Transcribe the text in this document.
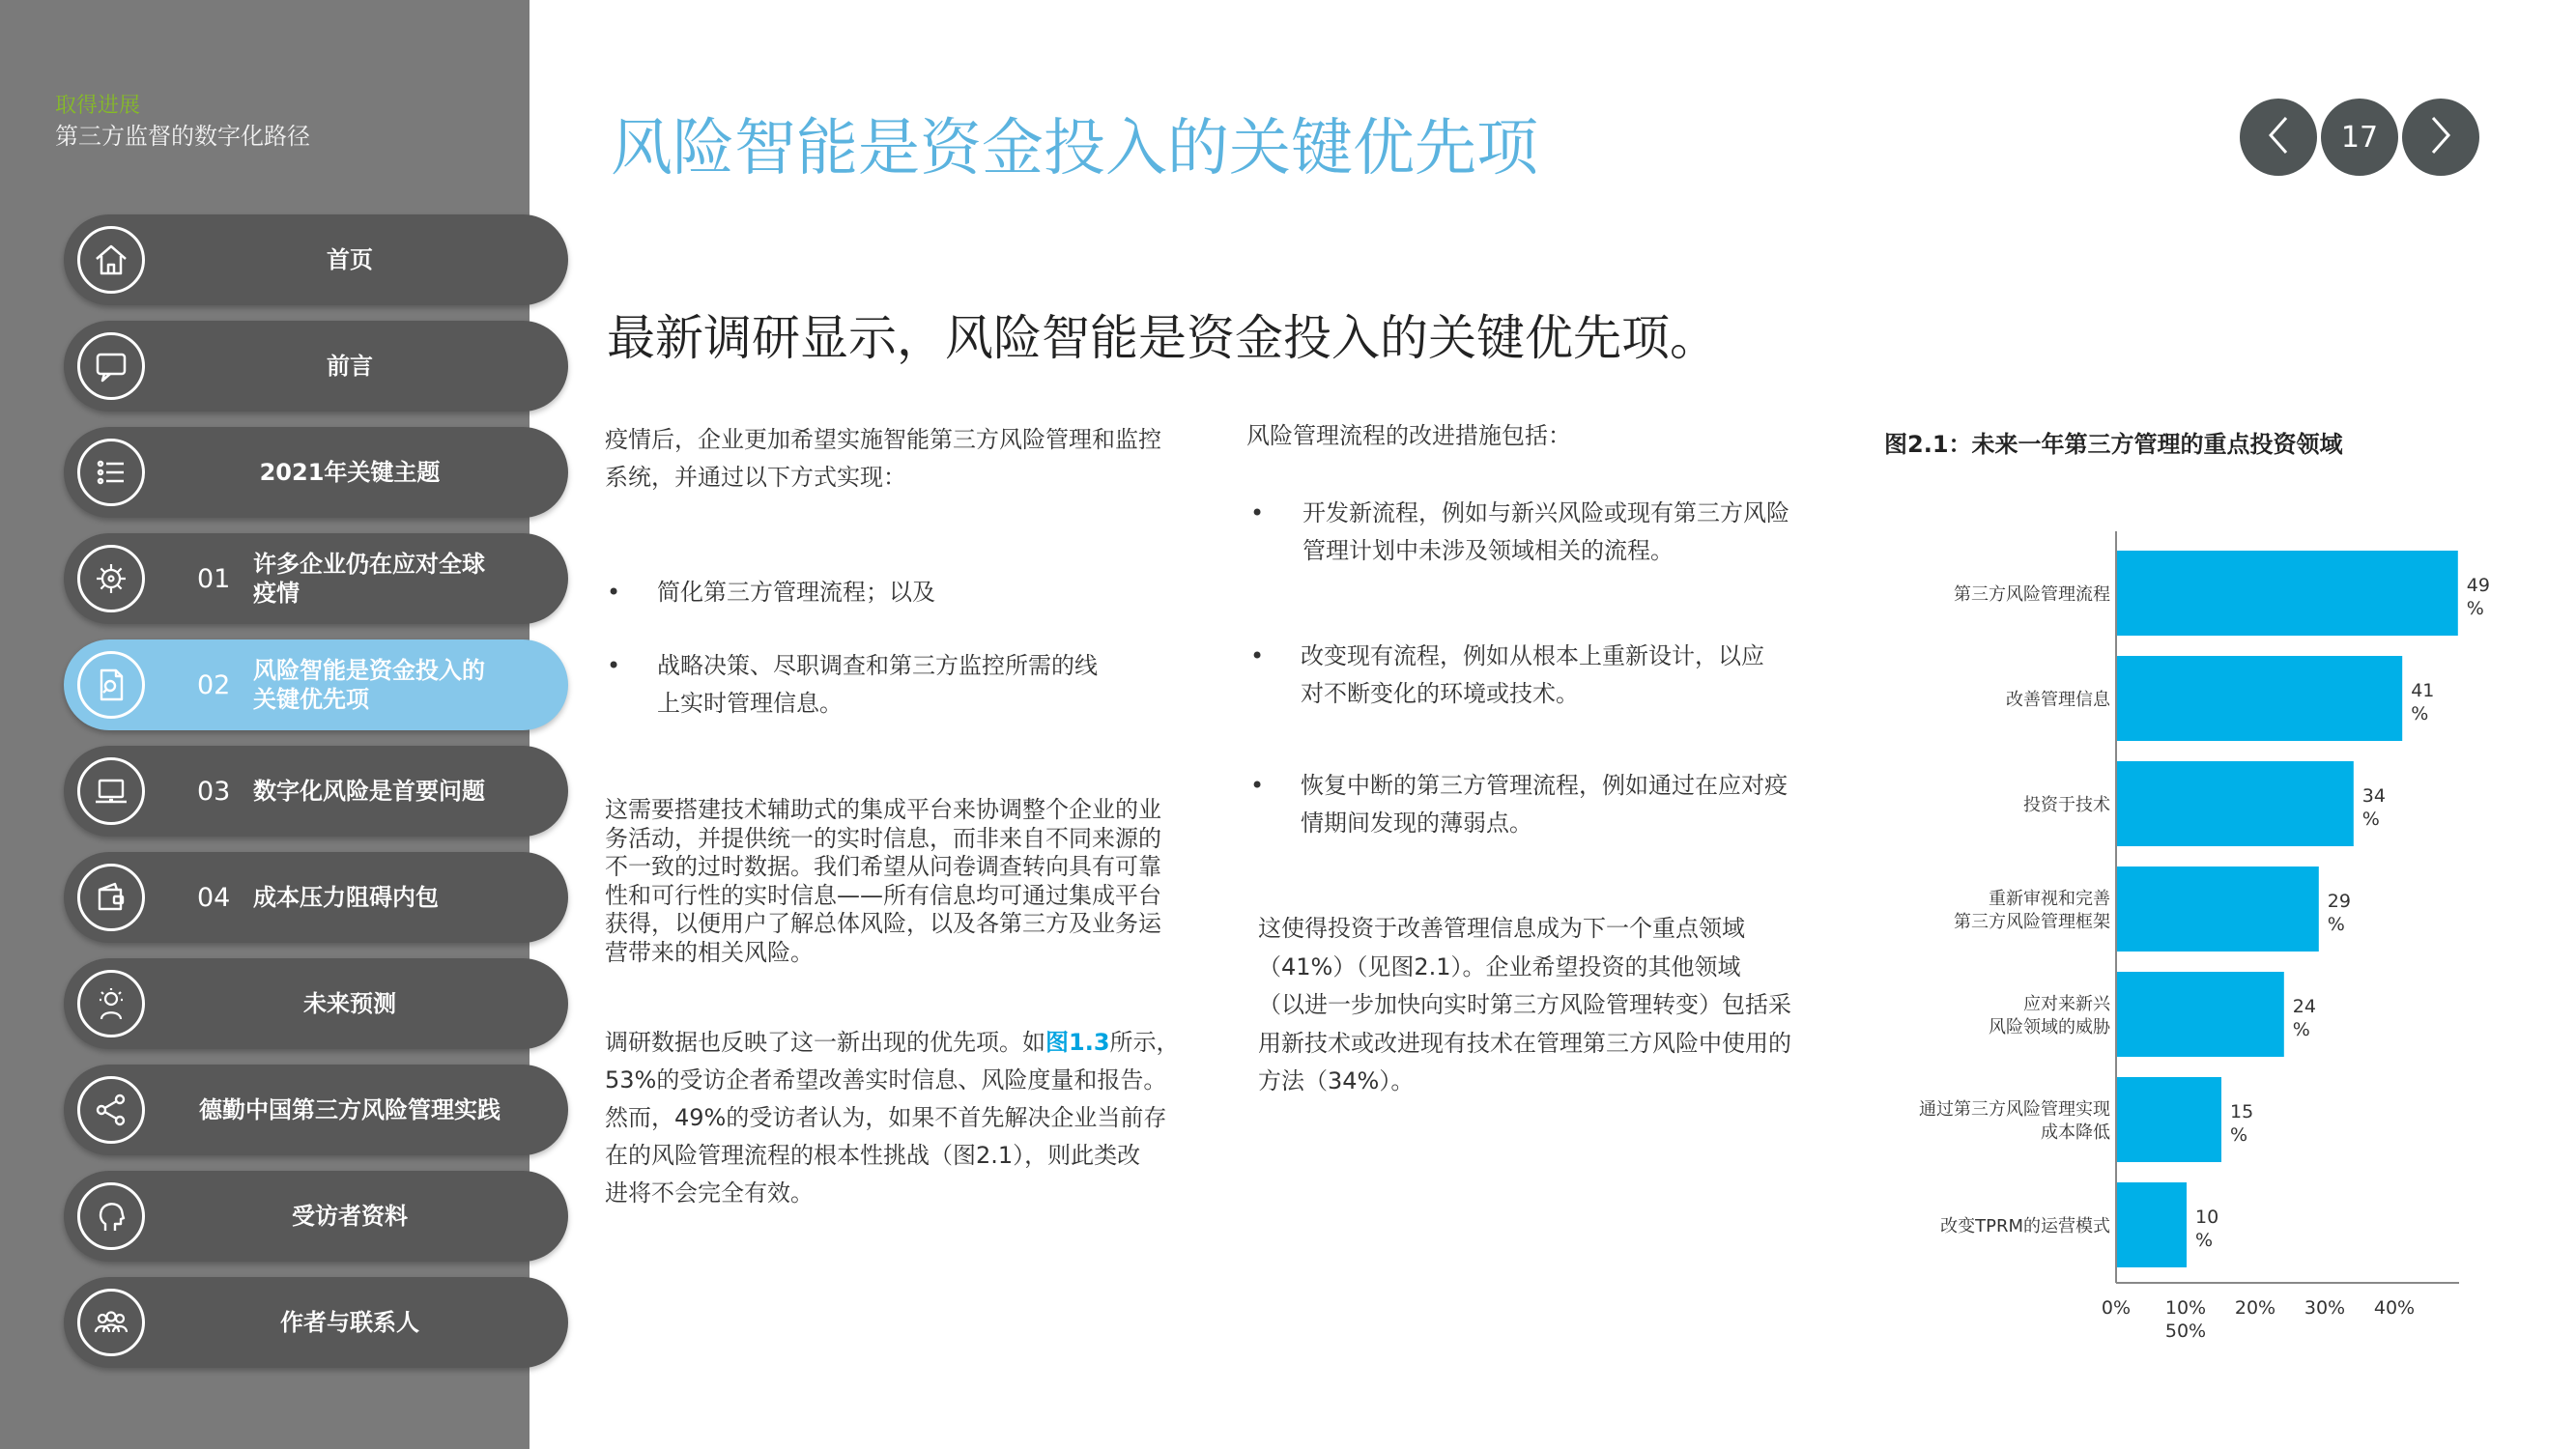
取得进展
第三方监督的数字化路径
首页
前言
2021年关键主题
01 许多企业仍在应对全球疫情
02 风险智能是资金投入的关键优先项
03 数字化风险是首要问题
04 成本压力阻碍内包
未来预测
德勤中国第三方风险管理实践
受访者资料
作者与联系人
风险智能是资金投入的关键优先项	17
最新调研显示，风险智能是资金投入的关键优先项。
疫情后，企业更加希望实施智能第三方风险管理和监控
系统，并通过以下方式实现：
• 简化第三方管理流程；以及
• 战略决策、尽职调查和第三方监控所需的线
上实时管理信息。
这需要搭建技术辅助式的集成平台来协调整个企业的业
务活动，并提供统一的实时信息，而非来自不同来源的
不一致的过时数据。我们希望从问卷调查转向具有可靠
性和可行性的实时信息——所有信息均可通过集成平台
获得，以便用户了解总体风险，以及各第三方及业务运
营带来的相关风险。
调研数据也反映了这一新出现的优先项。如图1.3所示，
53%的受访企者希望改善实时信息、风险度量和报告。
然而，49%的受访者认为，如果不首先解决企业当前存
在的风险管理流程的根本性挑战（图2.1），则此类改
进将不会完全有效。
风险管理流程的改进措施包括：
• 开发新流程，例如与新兴风险或现有第三方风险
管理计划中未涉及领域相关的流程。
• 改变现有流程，例如从根本上重新设计，以应
对不断变化的环境或技术。
• 恢复中断的第三方管理流程，例如通过在应对疫
情期间发现的薄弱点。
这使得投资于改善管理信息成为下一个重点领域
（41%）（见图2.1）。企业希望投资的其他领域
（以进一步加快向实时第三方风险管理转变）包括采
用新技术或改进现有技术在管理第三方风险中使用的
方法（34%）。
图2.1：未来一年第三方管理的重点投资领域
第三方风险管理流程	49
%
改善管理信息	41
%
投资于技术	34
%
重新审视和完善第三方风险管理框架
29
%
应对来新兴风险领域的威胁
24
%
通过第三方风险管理实现成本降低
15
%
改变TPRM的运营模式	10
%
0% 10% 20% 30% 40%
50%
